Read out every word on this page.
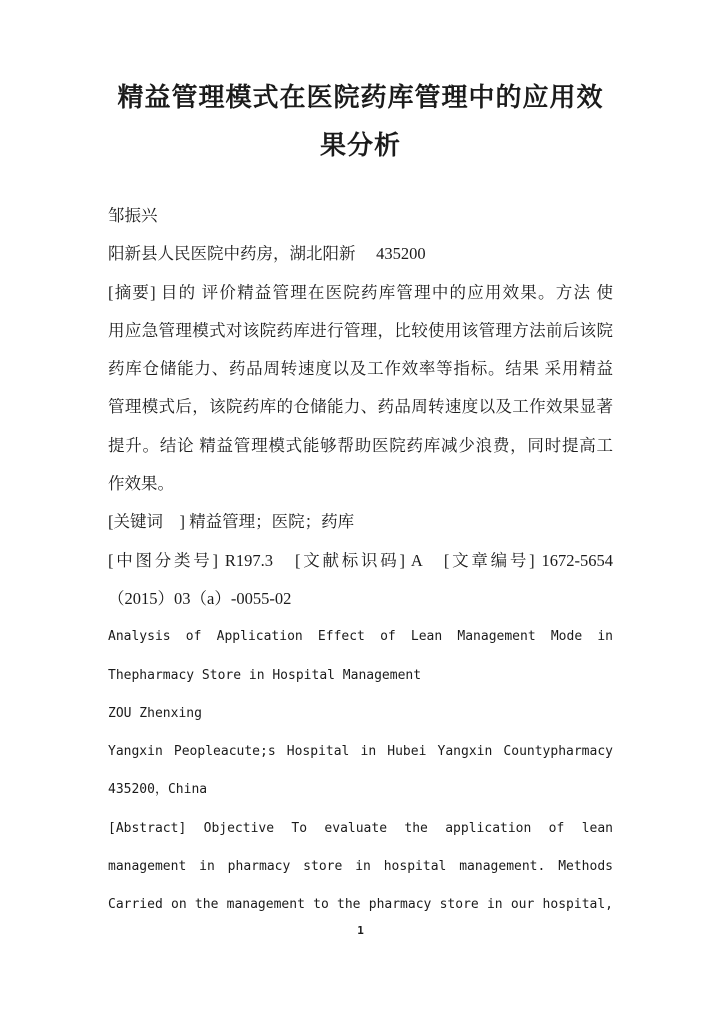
精益管理模式在医院药库管理中的应用效
果分析
邹振兴
阳新县人民医院中药房，湖北阳新　 435200
[摘要] 目的 评价精益管理在医院药库管理中的应用效果。方法 使
用应急管理模式对该院药库进行管理，比较使用该管理方法前后该院
药库仓储能力、药品周转速度以及工作效率等指标。结果 采用精益
管理模式后，该院药库的仓储能力、药品周转速度以及工作效果显著
提升。结论 精益管理模式能够帮助医院药库减少浪费，同时提高工
作效果。
[关键词　] 精益管理；医院；药库
[中图分类号] R197.3　[文献标识码] A　[文章编号] 1672-5654
（2015）03（a）-0055-02
Analysis of Application Effect of Lean Management Mode in
Thepharmacy Store in Hospital Management
ZOU Zhenxing
Yangxin Peopleacute;s Hospital in Hubei Yangxin Countypharmacy
435200，China
[Abstract] Objective To evaluate the application of lean
management in pharmacy store in hospital management. Methods
Carried on the management to the pharmacy store in our hospital,
1
